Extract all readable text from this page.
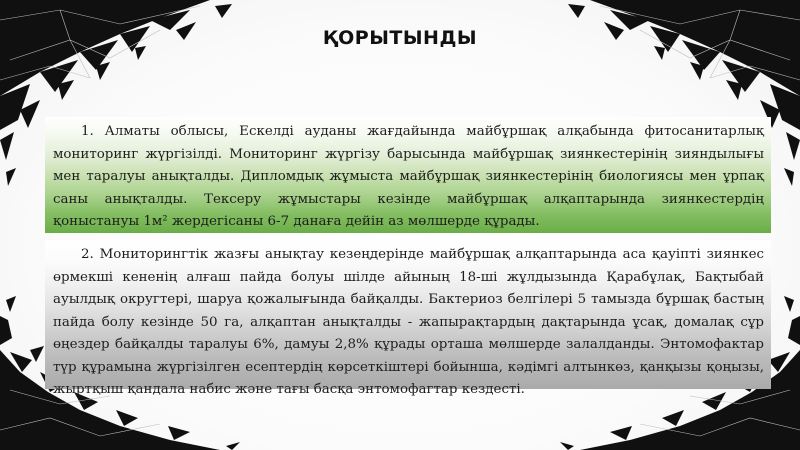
ҚОРЫТЫНДЫ
1. Алматы облысы, Ескелді ауданы жағдайында майбұршақ алқабында фитосанитарлық мониторинг жүргізілді. Мониторинг жүргізу барысында майбұршақ зиянкестерінің зияндылығы мен таралуы анықталды. Дипломдық жұмыста майбұршақ зиянкестерінің биологиясы мен ұрпақ саны анықталды. Тексеру жұмыстары кезінде майбұршақ алқаптарында зиянкестердің қоныстануы 1м² жердегісаны 6-7 данаға дейін аз мөлшерде құрады.
2. Мониторингтік жазғы анықтау кезеңдерінде майбұршақ алқаптарында аса қауіпті зиянкес өрмекші кененің алғаш пайда болуы шілде айының 18-ші жұлдызында Қарабұлақ, Бақтыбай ауылдық округтері, шаруа қожалығында байқалды. Бактериоз белгілері 5 тамызда бұршақ бастың пайда болу кезінде 50 га, алқаптан анықталды - жапырақтардың дақтарында ұсақ, домалақ сұр өңездер байқалды таралуы 6%, дамуы 2,8% құрады орташа мөлшерде залалданды. Энтомофактар түр құрамына жүргізілген есептердің көрсеткіштері бойынша, кәдімгі алтынкөз, қанқызы қоңызы, жыртқыш қандала набис және тағы басқа энтомофагтар кездесті.
